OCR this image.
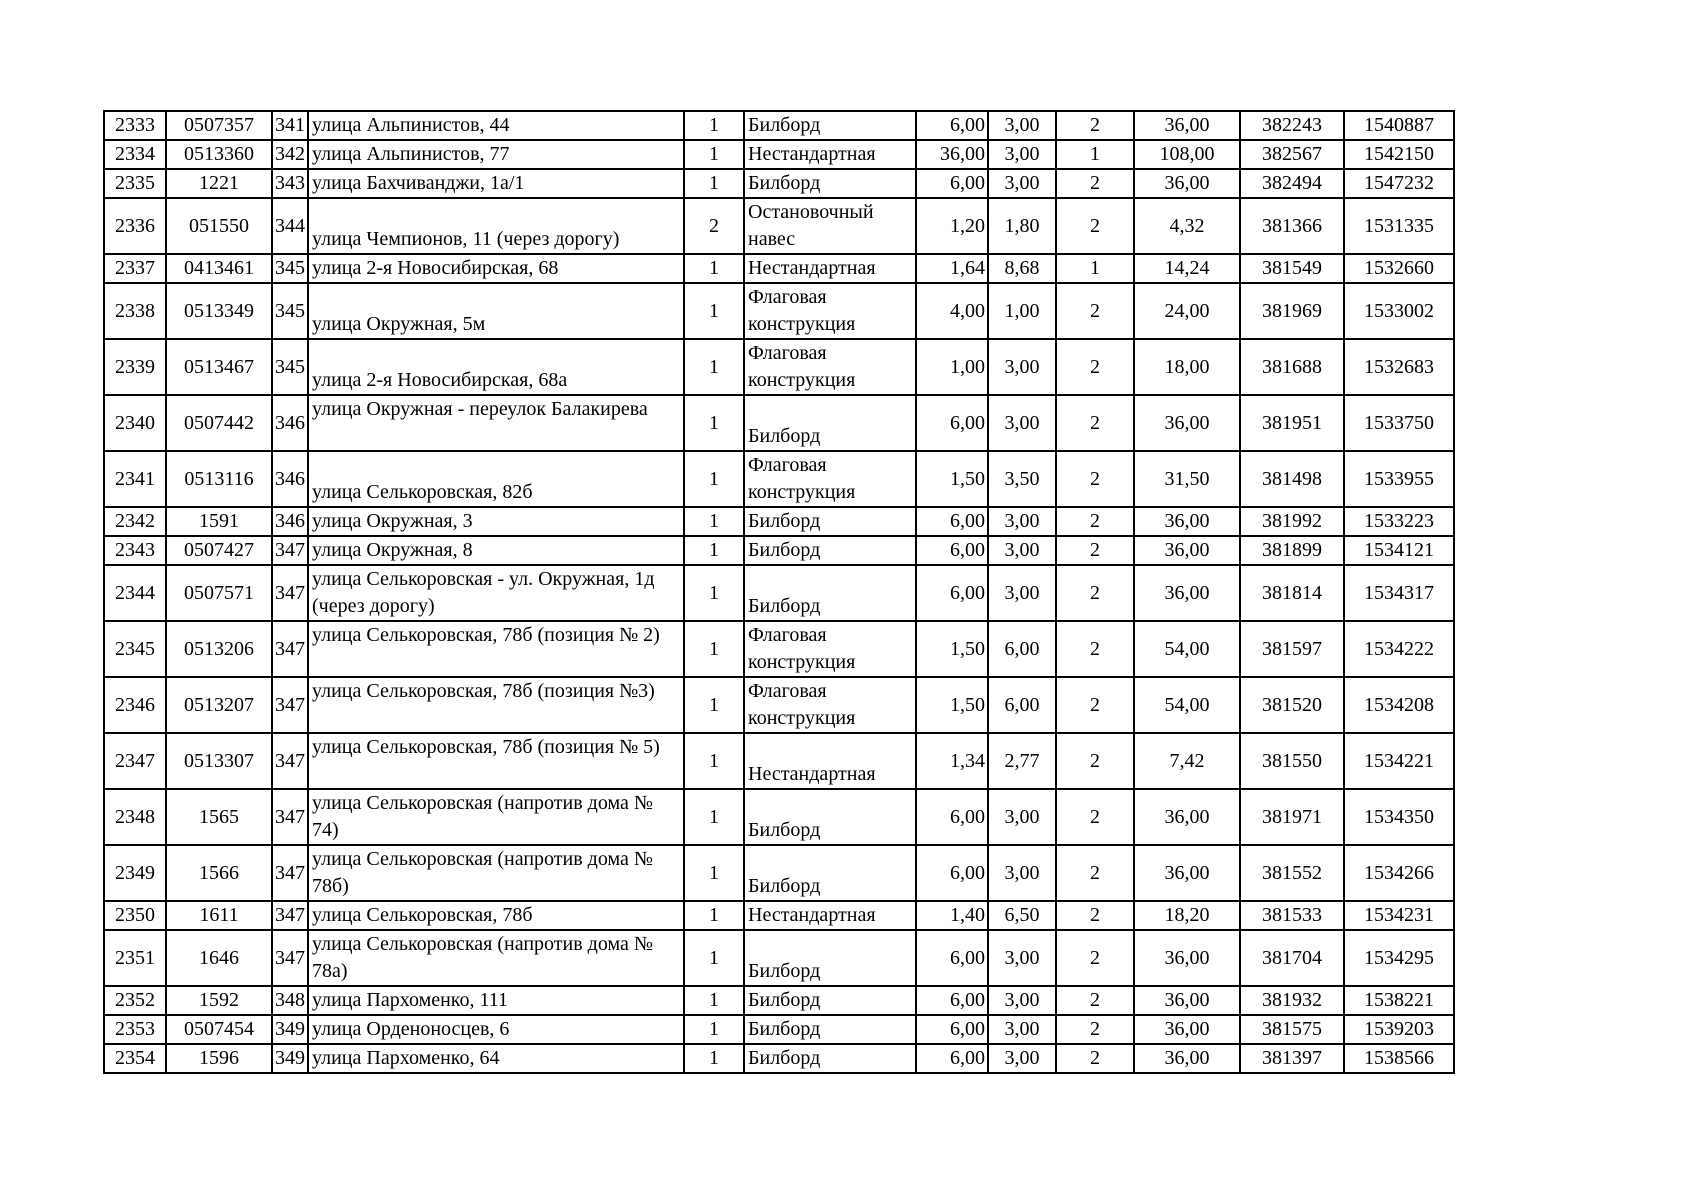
2333	0507357	341	улица Альпинистов, 44	1	Билборд	6,00	3,00	2	36,00	382243	1540887
2334	0513360	342	улица Альпинистов, 77	1	Нестандартная	36,00	3,00	1	108,00	382567	1542150
2335	1221	343	улица Бахчиванджи, 1а/1	1	Билборд	6,00	3,00	2	36,00	382494	1547232
2336	051550	344	улица Чемпионов, 11 (через дорогу)	2	Остановочный навес	1,20	1,80	2	4,32	381366	1531335
2337	0413461	345	улица 2-я Новосибирская, 68	1	Нестандартная	1,64	8,68	1	14,24	381549	1532660
2338	0513349	345	улица Окружная, 5м	1	Флаговая конструкция	4,00	1,00	2	24,00	381969	1533002
2339	0513467	345	улица 2-я Новосибирская, 68а	1	Флаговая конструкция	1,00	3,00	2	18,00	381688	1532683
2340	0507442	346	улица Окружная - переулок Балакирева	1	Билборд	6,00	3,00	2	36,00	381951	1533750
2341	0513116	346	улица Селькоровская, 82б	1	Флаговая конструкция	1,50	3,50	2	31,50	381498	1533955
2342	1591	346	улица Окружная, 3	1	Билборд	6,00	3,00	2	36,00	381992	1533223
2343	0507427	347	улица Окружная, 8	1	Билборд	6,00	3,00	2	36,00	381899	1534121
2344	0507571	347	улица Селькоровская - ул. Окружная, 1д (через дорогу)	1	Билборд	6,00	3,00	2	36,00	381814	1534317
2345	0513206	347	улица Селькоровская, 78б (позиция № 2)	1	Флаговая конструкция	1,50	6,00	2	54,00	381597	1534222
2346	0513207	347	улица Селькоровская, 78б (позиция №3)	1	Флаговая конструкция	1,50	6,00	2	54,00	381520	1534208
2347	0513307	347	улица Селькоровская, 78б (позиция № 5)	1	Нестандартная	1,34	2,77	2	7,42	381550	1534221
2348	1565	347	улица Селькоровская (напротив дома № 74)	1	Билборд	6,00	3,00	2	36,00	381971	1534350
2349	1566	347	улица Селькоровская (напротив дома № 78б)	1	Билборд	6,00	3,00	2	36,00	381552	1534266
2350	1611	347	улица Селькоровская, 78б	1	Нестандартная	1,40	6,50	2	18,20	381533	1534231
2351	1646	347	улица Селькоровская (напротив дома № 78а)	1	Билборд	6,00	3,00	2	36,00	381704	1534295
2352	1592	348	улица Пархоменко, 111	1	Билборд	6,00	3,00	2	36,00	381932	1538221
2353	0507454	349	улица Орденоносцев, 6	1	Билборд	6,00	3,00	2	36,00	381575	1539203
2354	1596	349	улица Пархоменко, 64	1	Билборд	6,00	3,00	2	36,00	381397	1538566
